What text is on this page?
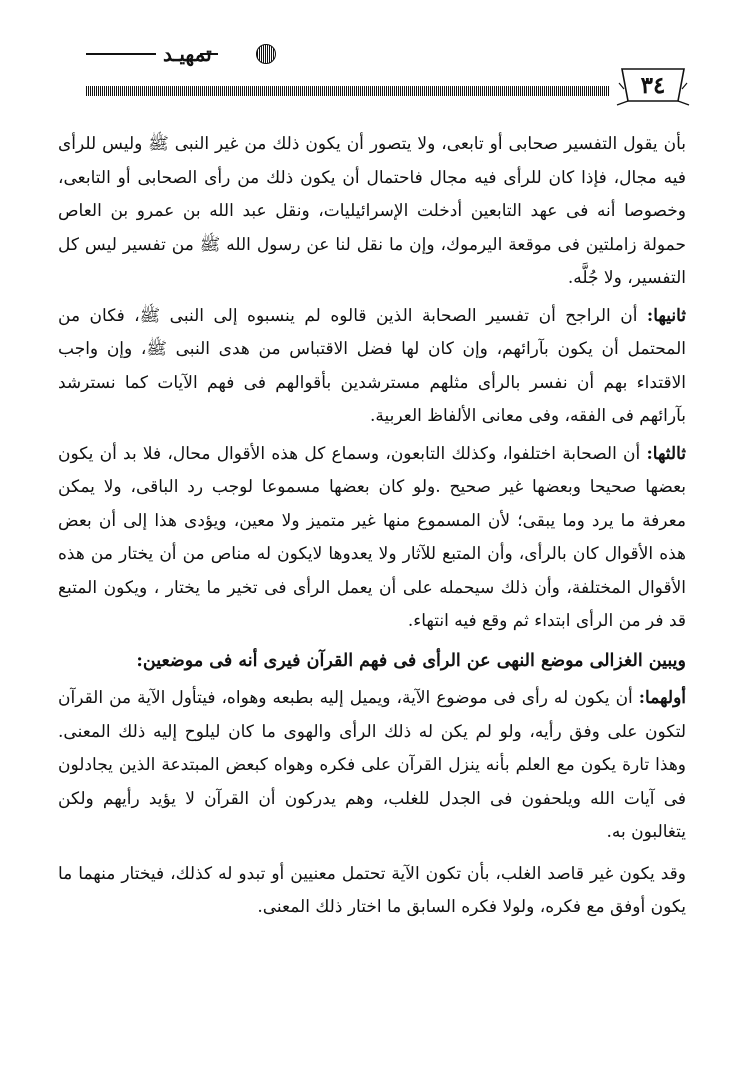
تمهيـد
٣٤

بأن يقول التفسير صحابى أو تابعى، ولا يتصور أن يكون ذلك من غير النبى ﷺ وليس للرأى فيه مجال، فإذا كان للرأى فيه مجال فاحتمال أن يكون ذلك من رأى الصحابى أو التابعى، وخصوصا أنه فى عهد التابعين أدخلت الإسرائيليات، ونقل عبد الله بن عمرو بن العاص حمولة زاملتين فى موقعة اليرموك، وإن ما نقل لنا عن رسول الله ﷺ من تفسير ليس كل التفسير، ولا جُلَّه.

ثانيها: أن الراجح أن تفسير الصحابة الذين قالوه لم ينسبوه إلى النبى ﷺ، فكان من المحتمل أن يكون بآرائهم، وإن كان لها فضل الاقتباس من هدى النبى ﷺ، وإن واجب الاقتداء بهم أن نفسر بالرأى مثلهم مسترشدين بأقوالهم فى فهم الآيات كما نسترشد بآرائهم فى الفقه، وفى معانى الألفاظ العربية.

ثالثها: أن الصحابة اختلفوا، وكذلك التابعون، وسماع كل هذه الأقوال محال، فلا بد أن يكون بعضها صحيحا وبعضها غير صحيح .ولو كان بعضها مسموعا لوجب رد الباقى، ولا يمكن معرفة ما يرد وما يبقى؛ لأن المسموع منها غير متميز ولا معين، ويؤدى هذا إلى أن بعض هذه الأقوال كان بالرأى، وأن المتبع للآثار ولا يعدوها لايكون له مناص من أن يختار من هذه الأقوال المختلفة، وأن ذلك سيحمله على أن يعمل الرأى فى تخير ما يختار ، ويكون المتبع قد فر من الرأى ابتداء ثم وقع فيه انتهاء.

ويبين الغزالى موضع النهى عن الرأى فى فهم القرآن فيرى أنه فى موضعين:

أولهما: أن يكون له رأى فى موضوع الآية، ويميل إليه بطبعه وهواه، فيتأول الآية من القرآن لتكون على وفق رأيه، ولو لم يكن له ذلك الرأى والهوى ما كان ليلوح إليه ذلك المعنى. وهذا تارة يكون مع العلم بأنه ينزل القرآن على فكره وهواه كبعض المبتدعة الذين يجادلون فى آيات الله ويلحفون فى الجدل للغلب، وهم يدركون أن القرآن لا يؤيد رأيهم ولكن يتغالبون به.

وقد يكون غير قاصد الغلب، بأن تكون الآية تحتمل معنيين أو تبدو له كذلك، فيختار منهما ما يكون أوفق مع فكره، ولولا فكره السابق ما اختار ذلك المعنى.
